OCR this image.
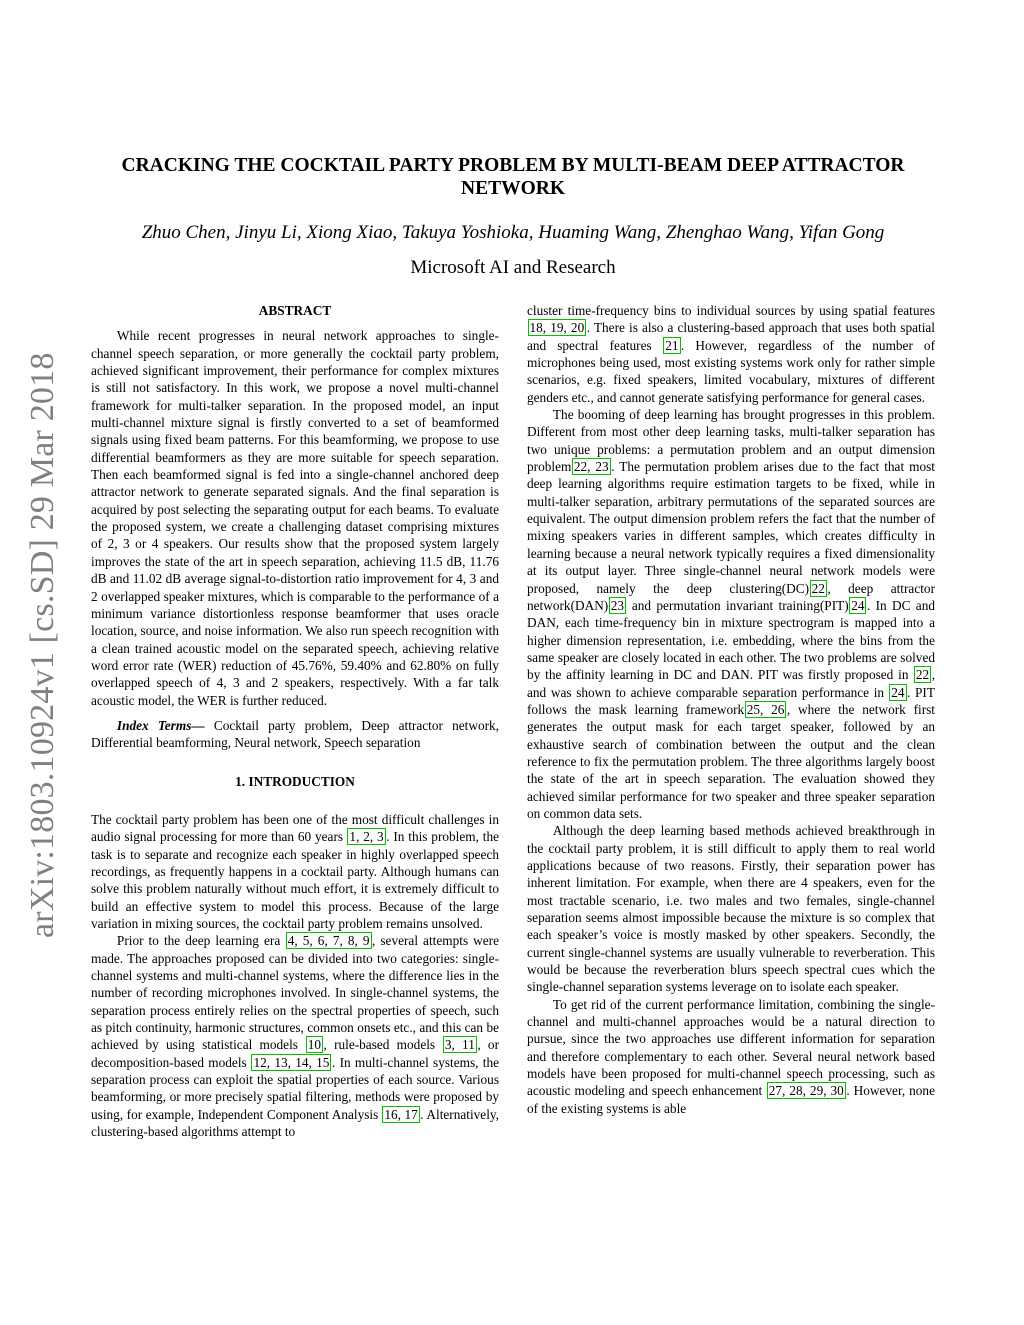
arXiv:1803.10924v1 [cs.SD] 29 Mar 2018
CRACKING THE COCKTAIL PARTY PROBLEM BY MULTI-BEAM DEEP ATTRACTOR NETWORK
Zhuo Chen, Jinyu Li, Xiong Xiao, Takuya Yoshioka, Huaming Wang, Zhenghao Wang, Yifan Gong
Microsoft AI and Research
ABSTRACT

While recent progresses in neural network approaches to single-channel speech separation, or more generally the cocktail party problem, achieved significant improvement, their performance for complex mixtures is still not satisfactory. In this work, we propose a novel multi-channel framework for multi-talker separation. In the proposed model, an input multi-channel mixture signal is firstly converted to a set of beamformed signals using fixed beam patterns. For this beamforming, we propose to use differential beamformers as they are more suitable for speech separation. Then each beamformed signal is fed into a single-channel anchored deep attractor network to generate separated signals. And the final separation is acquired by post selecting the separating output for each beams. To evaluate the proposed system, we create a challenging dataset comprising mixtures of 2, 3 or 4 speakers. Our results show that the proposed system largely improves the state of the art in speech separation, achieving 11.5 dB, 11.76 dB and 11.02 dB average signal-to-distortion ratio improvement for 4, 3 and 2 overlapped speaker mixtures, which is comparable to the performance of a minimum variance distortionless response beamformer that uses oracle location, source, and noise information. We also run speech recognition with a clean trained acoustic model on the separated speech, achieving relative word error rate (WER) reduction of 45.76%, 59.40% and 62.80% on fully overlapped speech of 4, 3 and 2 speakers, respectively. With a far talk acoustic model, the WER is further reduced.

Index Terms— Cocktail party problem, Deep attractor network, Differential beamforming, Neural network, Speech separation

1. INTRODUCTION

The cocktail party problem has been one of the most difficult challenges in audio signal processing for more than 60 years 1, 2, 3 . In this problem, the task is to separate and recognize each speaker in highly overlapped speech recordings, as frequently happens in a cocktail party. Although humans can solve this problem naturally without much effort, it is extremely difficult to build an effective system to model this process. Because of the large variation in mixing sources, the cocktail party problem remains unsolved.

Prior to the deep learning era 4, 5, 6, 7, 8, 9 , several attempts were made. The approaches proposed can be divided into two categories: single-channel systems and multi-channel systems, where the difference lies in the number of recording microphones involved. In single-channel systems, the separation process entirely relies on the spectral properties of speech, such as pitch continuity, harmonic structures, common onsets etc., and this can be achieved by using statistical models 10 , rule-based models 3, 11 , or decomposition-based models 12, 13, 14, 15 . In multi-channel systems, the separation process can exploit the spatial properties of each source. Various beamforming, or more precisely spatial filtering, methods were proposed by using, for example, Independent Component Analysis 16, 17 . Alternatively, clustering-based algorithms attempt to

cluster time-frequency bins to individual sources by using spatial features 18, 19, 20 . There is also a clustering-based approach that uses both spatial and spectral features 21 . However, regardless of the number of microphones being used, most existing systems work only for rather simple scenarios, e.g. fixed speakers, limited vocabulary, mixtures of different genders etc., and cannot generate satisfying performance for general cases.

The booming of deep learning has brought progresses in this problem. Different from most other deep learning tasks, multi-talker separation has two unique problems: a permutation problem and an output dimension problem 22, 23 . The permutation problem arises due to the fact that most deep learning algorithms require estimation targets to be fixed, while in multi-talker separation, arbitrary permutations of the separated sources are equivalent. The output dimension problem refers the fact that the number of mixing speakers varies in different samples, which creates difficulty in learning because a neural network typically requires a fixed dimensionality at its output layer. Three single-channel neural network models were proposed, namely the deep clustering(DC) 22 , deep attractor network(DAN) 23 and permutation invariant training(PIT) 24 . In DC and DAN, each time-frequency bin in mixture spectrogram is mapped into a higher dimension representation, i.e. embedding, where the bins from the same speaker are closely located in each other. The two problems are solved by the affinity learning in DC and DAN. PIT was firstly proposed in 22 , and was shown to achieve comparable separation performance in 24 . PIT follows the mask learning framework 25, 26 , where the network first generates the output mask for each target speaker, followed by an exhaustive search of combination between the output and the clean reference to fix the permutation problem. The three algorithms largely boost the state of the art in speech separation. The evaluation showed they achieved similar performance for two speaker and three speaker separation on common data sets.

Although the deep learning based methods achieved breakthrough in the cocktail party problem, it is still difficult to apply them to real world applications because of two reasons. Firstly, their separation power has inherent limitation. For example, when there are 4 speakers, even for the most tractable scenario, i.e. two males and two females, single-channel separation seems almost impossible because the mixture is so complex that each speaker’s voice is mostly masked by other speakers. Secondly, the current single-channel systems are usually vulnerable to reverberation. This would be because the reverberation blurs speech spectral cues which the single-channel separation systems leverage on to isolate each speaker.

To get rid of the current performance limitation, combining the single-channel and multi-channel approaches would be a natural direction to pursue, since the two approaches use different information for separation and therefore complementary to each other. Several neural network based models have been proposed for multi-channel speech processing, such as acoustic modeling and speech enhancement 27, 28, 29, 30 . However, none of the existing systems is able
